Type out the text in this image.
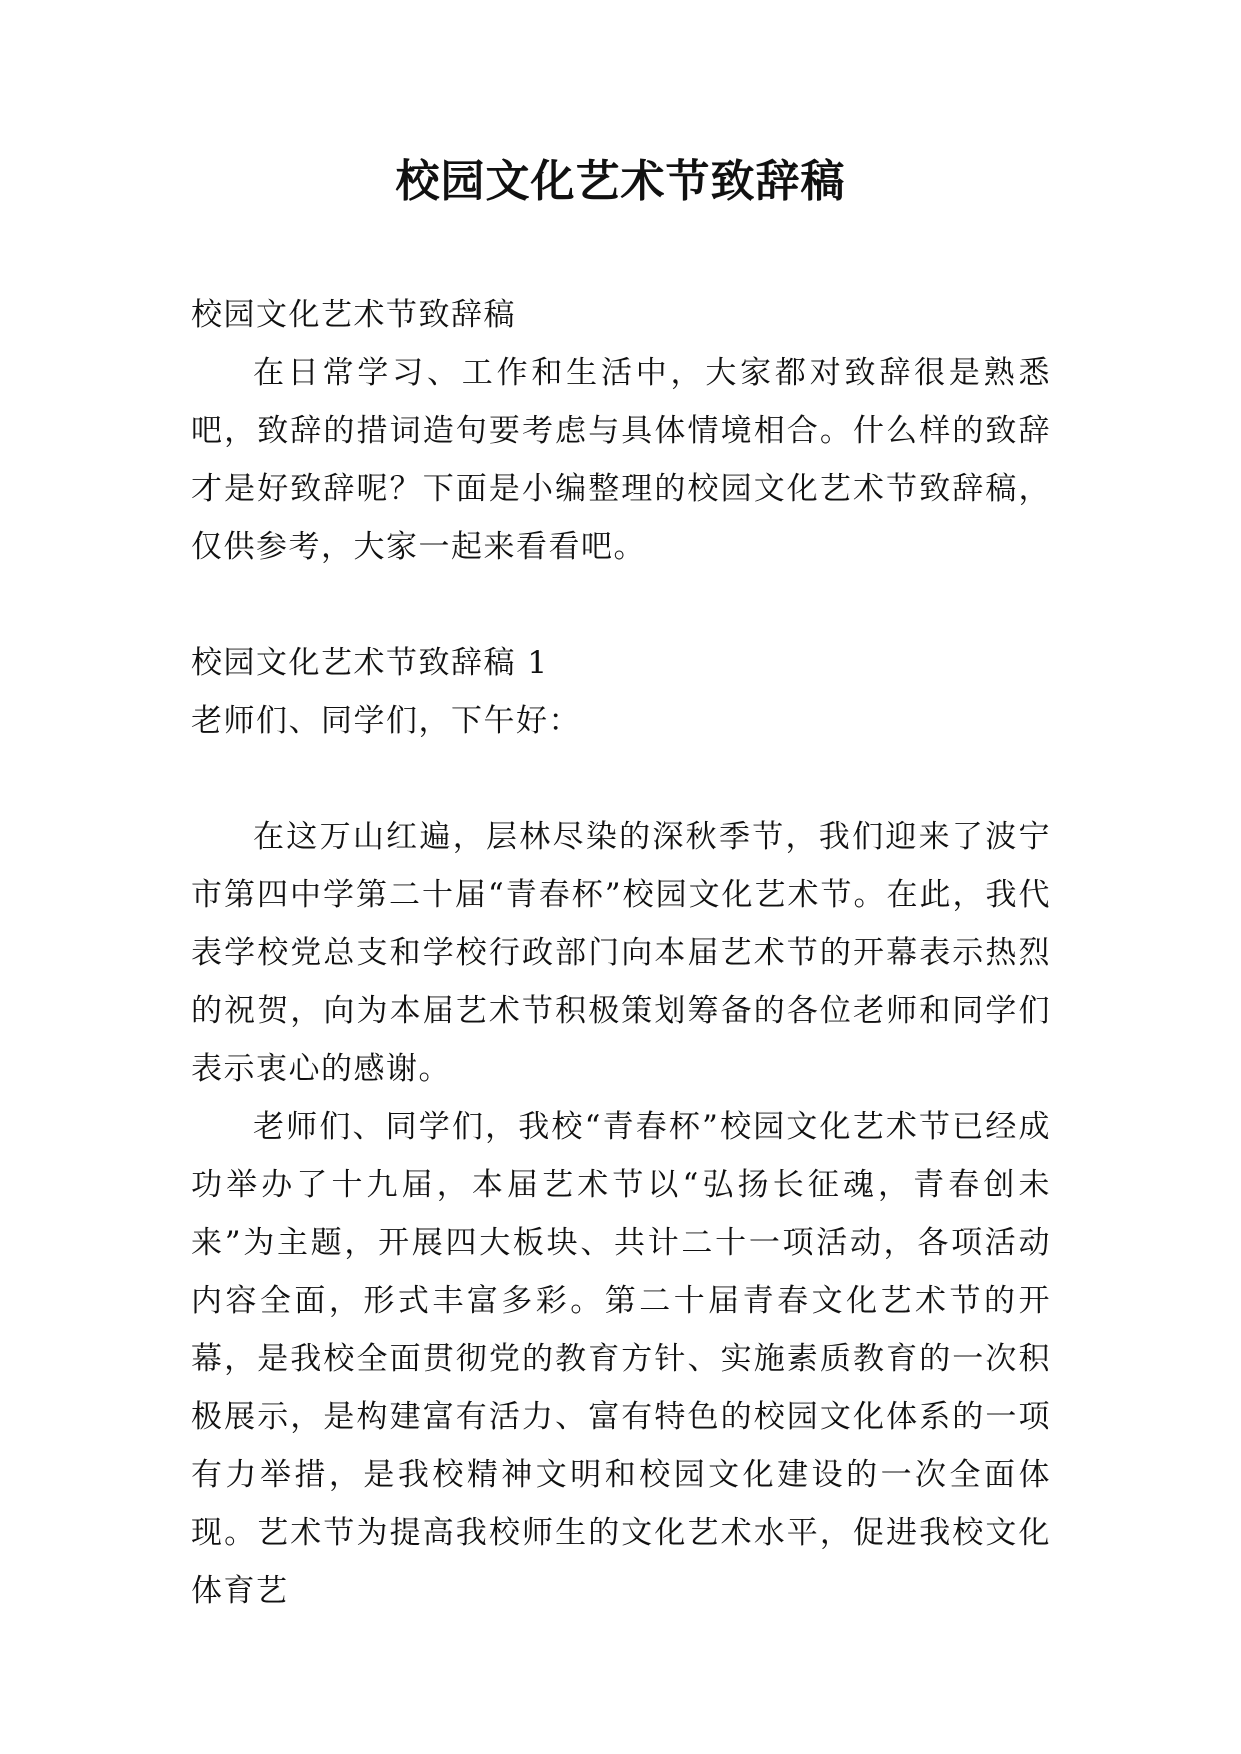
校园文化艺术节致辞稿

校园文化艺术节致辞稿

在日常学习、工作和生活中，大家都对致辞很是熟悉吧，致辞的措词造句要考虑与具体情境相合。什么样的致辞才是好致辞呢？下面是小编整理的校园文化艺术节致辞稿，仅供参考，大家一起来看看吧。

校园文化艺术节致辞稿 1

老师们、同学们，下午好：

在这万山红遍，层林尽染的深秋季节，我们迎来了波宁市第四中学第二十届“青春杯”校园文化艺术节。在此，我代表学校党总支和学校行政部门向本届艺术节的开幕表示热烈的祝贺，向为本届艺术节积极策划筹备的各位老师和同学们表示衷心的感谢。

老师们、同学们，我校“青春杯”校园文化艺术节已经成功举办了十九届，本届艺术节以“弘扬长征魂，青春创未来”为主题，开展四大板块、共计二十一项活动，各项活动内容全面，形式丰富多彩。第二十届青春文化艺术节的开幕，是我校全面贯彻党的教育方针、实施素质教育的一次积极展示，是构建富有活力、富有特色的校园文化体系的一项有力举措，是我校精神文明和校园文化建设的一次全面体现。艺术节为提高我校师生的文化艺术水平，促进我校文化体育艺
